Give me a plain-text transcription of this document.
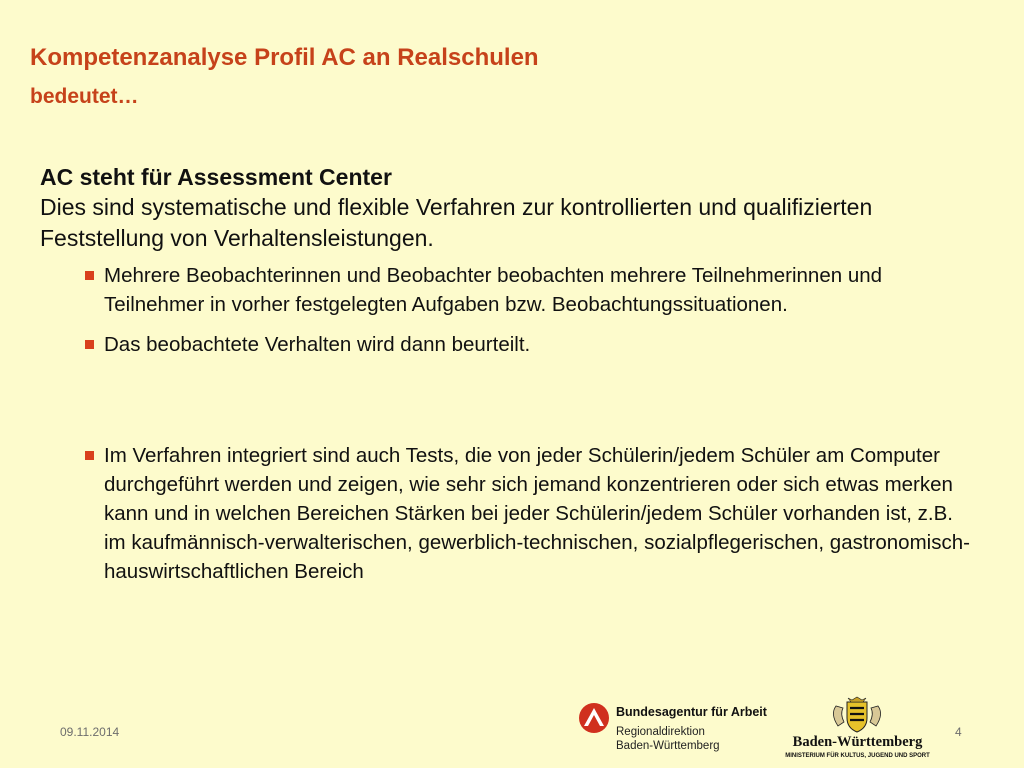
Kompetenzanalyse Profil AC an Realschulen
bedeutet…
AC steht für Assessment Center
Dies sind systematische und flexible Verfahren zur kontrollierten und qualifizierten Feststellung von Verhaltensleistungen.
Mehrere Beobachterinnen und Beobachter beobachten mehrere Teilnehmerinnen und Teilnehmer in vorher festgelegten Aufgaben bzw. Beobachtungssituationen.
Das beobachtete Verhalten wird dann beurteilt.
Im Verfahren integriert sind auch Tests, die von jeder Schülerin/jedem Schüler am Computer durchgeführt werden und zeigen, wie sehr sich jemand konzentrieren oder sich etwas merken kann und in welchen Bereichen Stärken bei jeder Schülerin/jedem Schüler vorhanden ist, z.B. im kaufmännisch-verwalterischen, gewerblich-technischen, sozialpflegerischen, gastronomisch-hauswirtschaftlichen Bereich
09.11.2014
Bundesagentur für Arbeit
Regionaldirektion
Baden-Württemberg	Baden-Württemberg
MINISTERIUM FÜR KULTUS, JUGEND UND SPORT
4
